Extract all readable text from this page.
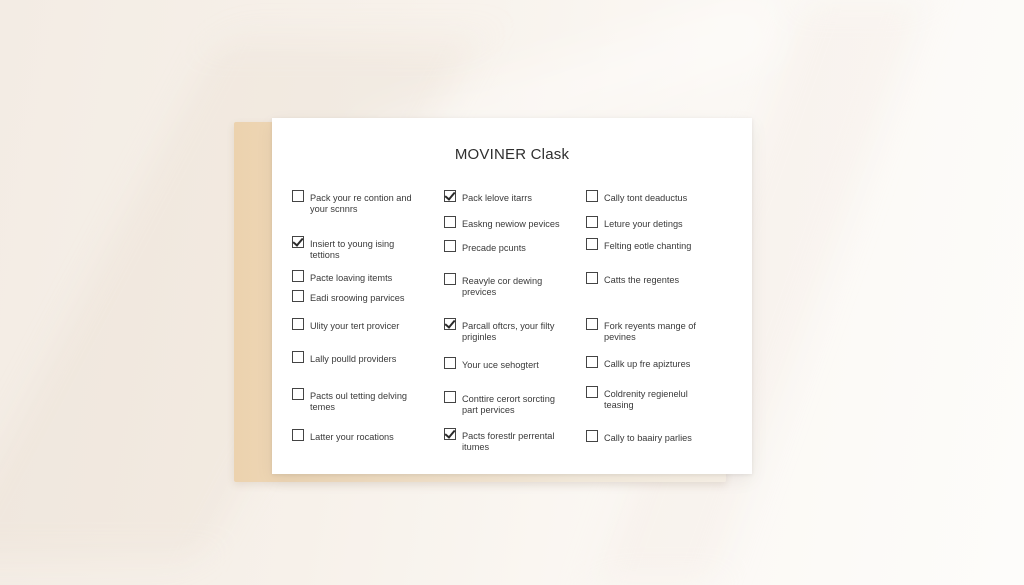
MOVINER Clask
Pack your re contion and
your scnnrs
Insiert to young ising
tettions
Pacte loaving itemts
Eadi sroowing parvices
Ulity your tert provicer
Lally poulld providers
Pacts oul tetting delving
temes
Latter your rocations
Pack lelove itarrs
Easkng newiow pevices
Precade pcunts
Reavyle cor dewing
previces
Parcall oftcrs, your filty
priginles
Your uce sehogtert
Conttire cerort sorcting
part pervices
Pacts forestlr perrental
itumes
Cally tont deaductus
Leture your detings
Felting eotle chanting
Catts the regentes
Fork reyents mange of
pevines
Callk up fre apiztures
Coldrenity regienelul
teasing
Cally to baairy parlies
